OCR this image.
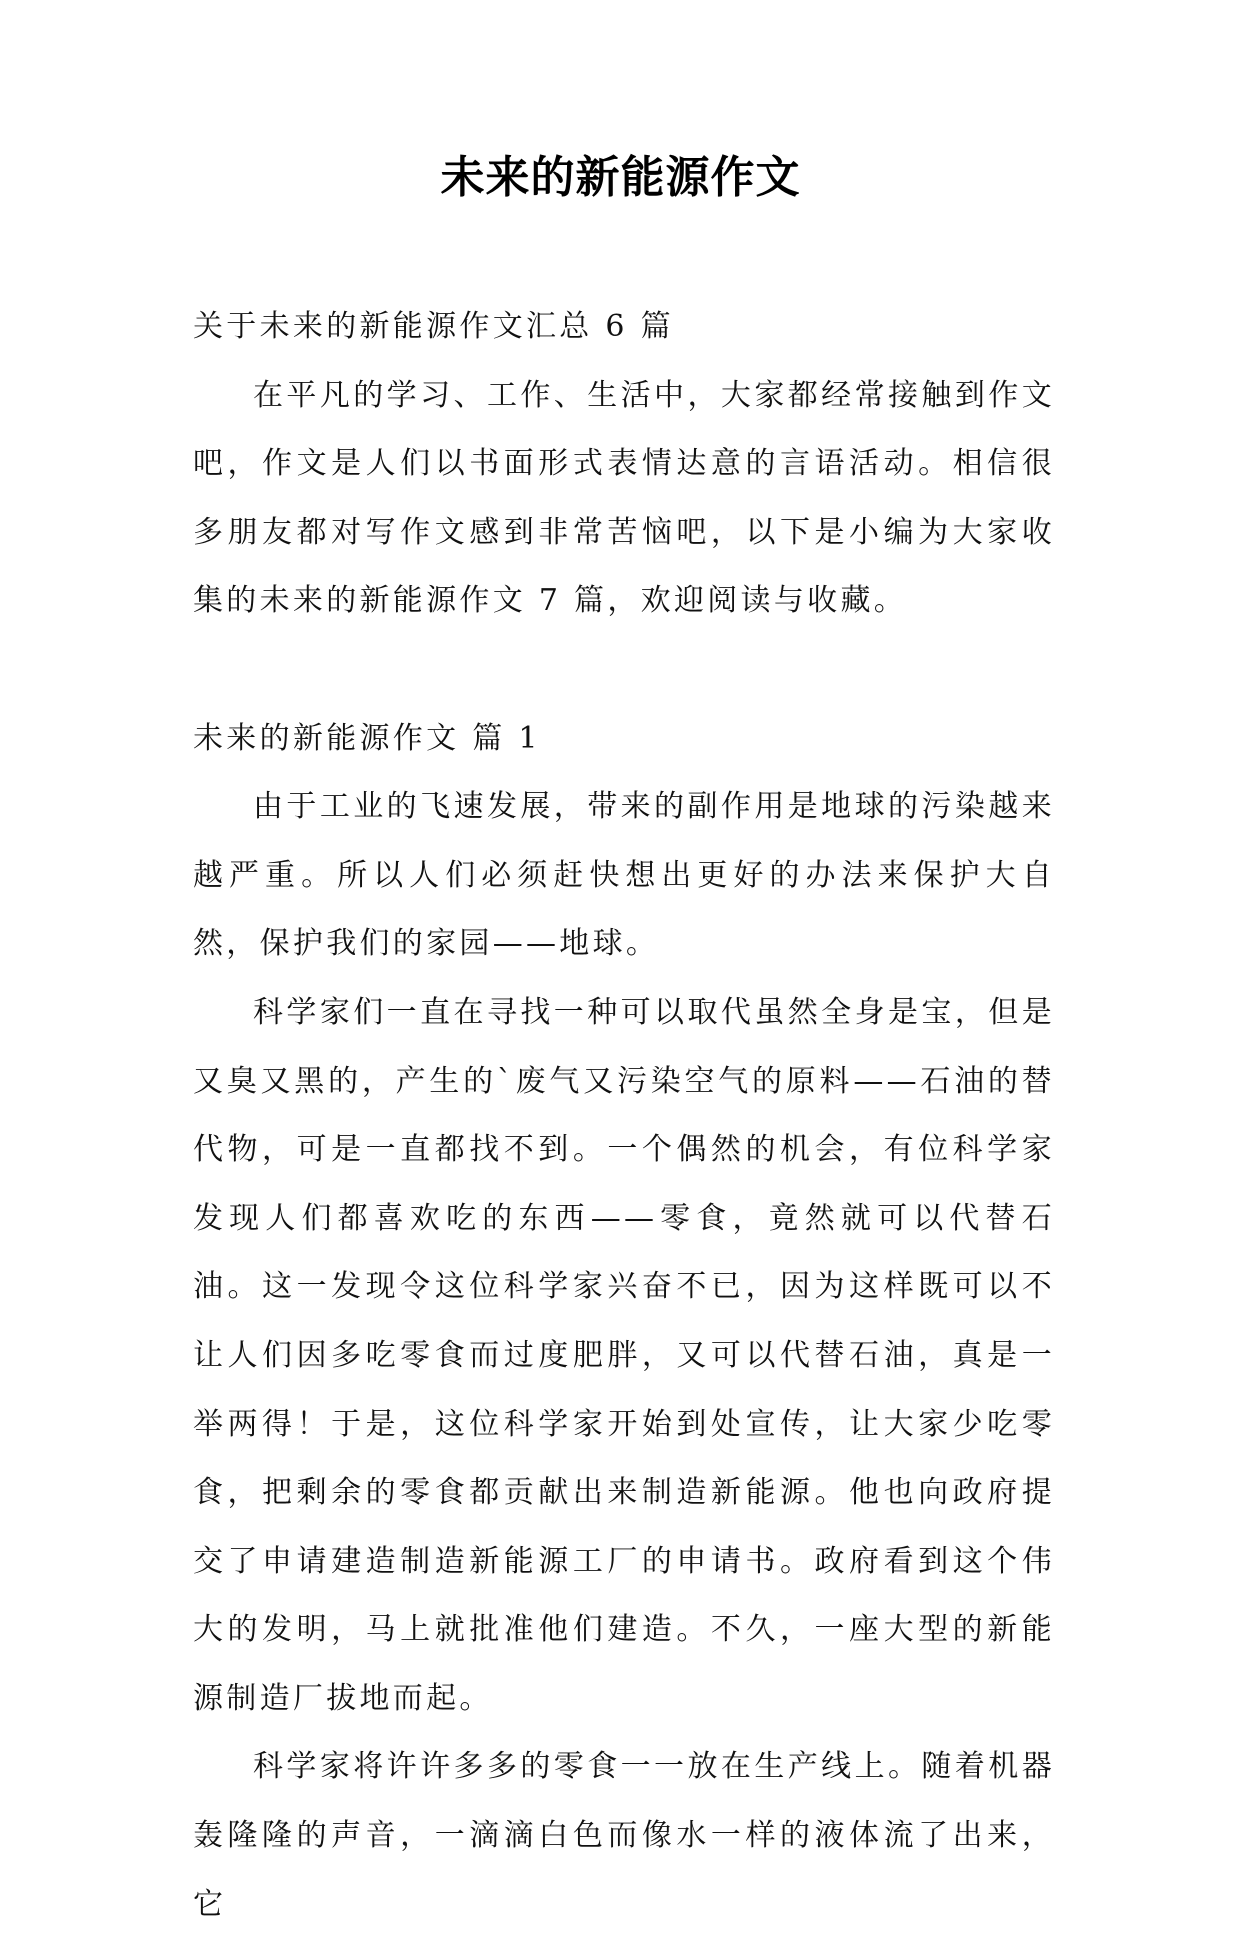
未来的新能源作文

关于未来的新能源作文汇总 6 篇

在平凡的学习、工作、生活中，大家都经常接触到作文吧，作文是人们以书面形式表情达意的言语活动。相信很多朋友都对写作文感到非常苦恼吧，以下是小编为大家收集的未来的新能源作文 7 篇，欢迎阅读与收藏。

未来的新能源作文 篇 1

由于工业的飞速发展，带来的副作用是地球的污染越来越严重。所以人们必须赶快想出更好的办法来保护大自然，保护我们的家园——地球。

科学家们一直在寻找一种可以取代虽然全身是宝，但是又臭又黑的，产生的`废气又污染空气的原料——石油的替代物，可是一直都找不到。一个偶然的机会，有位科学家发现人们都喜欢吃的东西——零食，竟然就可以代替石油。这一发现令这位科学家兴奋不已，因为这样既可以不让人们因多吃零食而过度肥胖，又可以代替石油，真是一举两得！于是，这位科学家开始到处宣传，让大家少吃零食，把剩余的零食都贡献出来制造新能源。他也向政府提交了申请建造制造新能源工厂的申请书。政府看到这个伟大的发明，马上就批准他们建造。不久，一座大型的新能源制造厂拔地而起。

科学家将许许多多的零食一一放在生产线上。随着机器轰隆隆的声音，一滴滴白色而像水一样的液体流了出来，它
